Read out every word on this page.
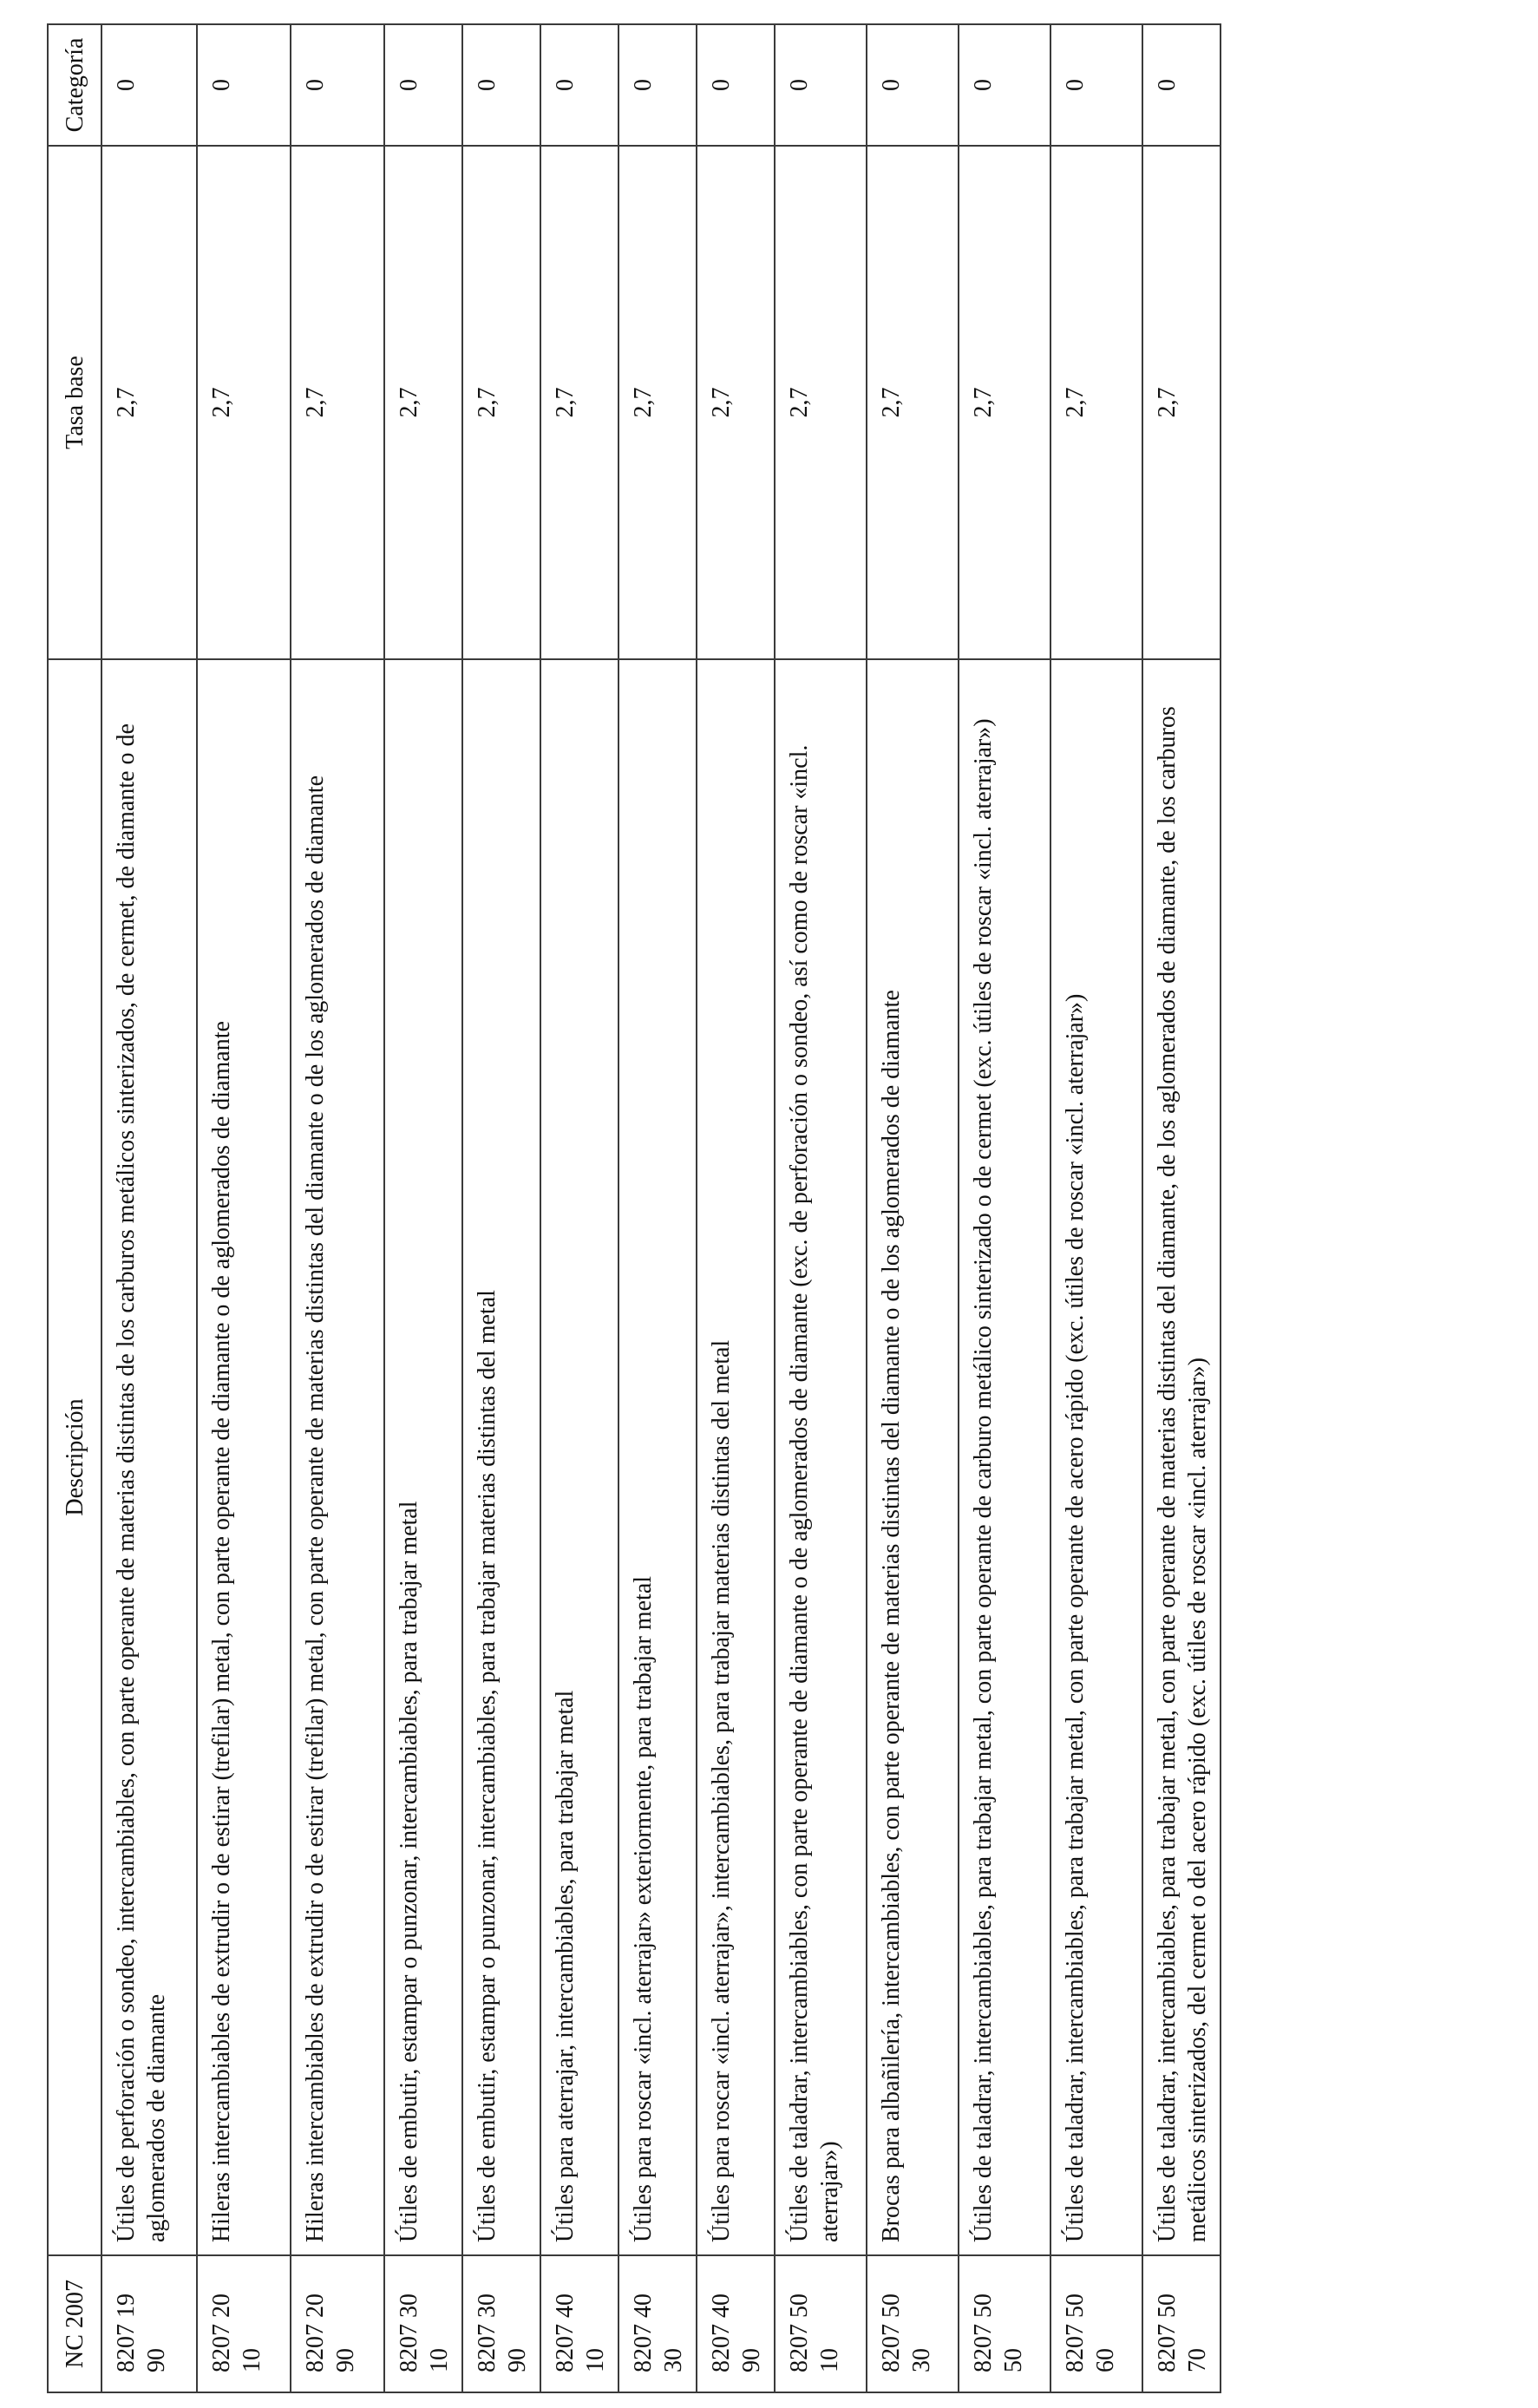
NC 2007	Descripción	Tasa base	Categoría
8207 19 90	Útiles de perforación o sondeo, intercambiables, con parte operante de materias distintas de los carburos metálicos sinterizados, de cermet, de diamante o de aglomerados de diamante	2,7	0
8207 20 10	Hileras intercambiables de extrudir o de estirar (trefilar) metal, con parte operante de diamante o de aglomerados de diamante	2,7	0
8207 20 90	Hileras intercambiables de extrudir o de estirar (trefilar) metal, con parte operante de materias distintas del diamante o de los aglomerados de diamante	2,7	0
8207 30 10	Útiles de embutir, estampar o punzonar, intercambiables, para trabajar metal	2,7	0
8207 30 90	Útiles de embutir, estampar o punzonar, intercambiables, para trabajar materias distintas del metal	2,7	0
8207 40 10	Útiles para aterrajar, intercambiables, para trabajar metal	2,7	0
8207 40 30	Útiles para roscar «incl. aterrajar» exteriormente, para trabajar metal	2,7	0
8207 40 90	Útiles para roscar «incl. aterrajar», intercambiables, para trabajar materias distintas del metal	2,7	0
8207 50 10	Útiles de taladrar, intercambiables, con parte operante de diamante o de aglomerados de diamante (exc. de perforación o sondeo, así como de roscar «incl. aterrajar»)	2,7	0
8207 50 30	Brocas para albañilería, intercambiables, con parte operante de materias distintas del diamante o de los aglomerados de diamante	2,7	0
8207 50 50	Útiles de taladrar, intercambiables, para trabajar metal, con parte operante de carburo metálico sinterizado o de cermet (exc. útiles de roscar «incl. aterrajar»)	2,7	0
8207 50 60	Útiles de taladrar, intercambiables, para trabajar metal, con parte operante de acero rápido (exc. útiles de roscar «incl. aterrajar»)	2,7	0
8207 50 70	Útiles de taladrar, intercambiables, para trabajar metal, con parte operante de materias distintas del diamante, de los aglomerados de diamante, de los carburos metálicos sinterizados, del cermet o del acero rápido (exc. útiles de roscar «incl. aterrajar»)	2,7	0
